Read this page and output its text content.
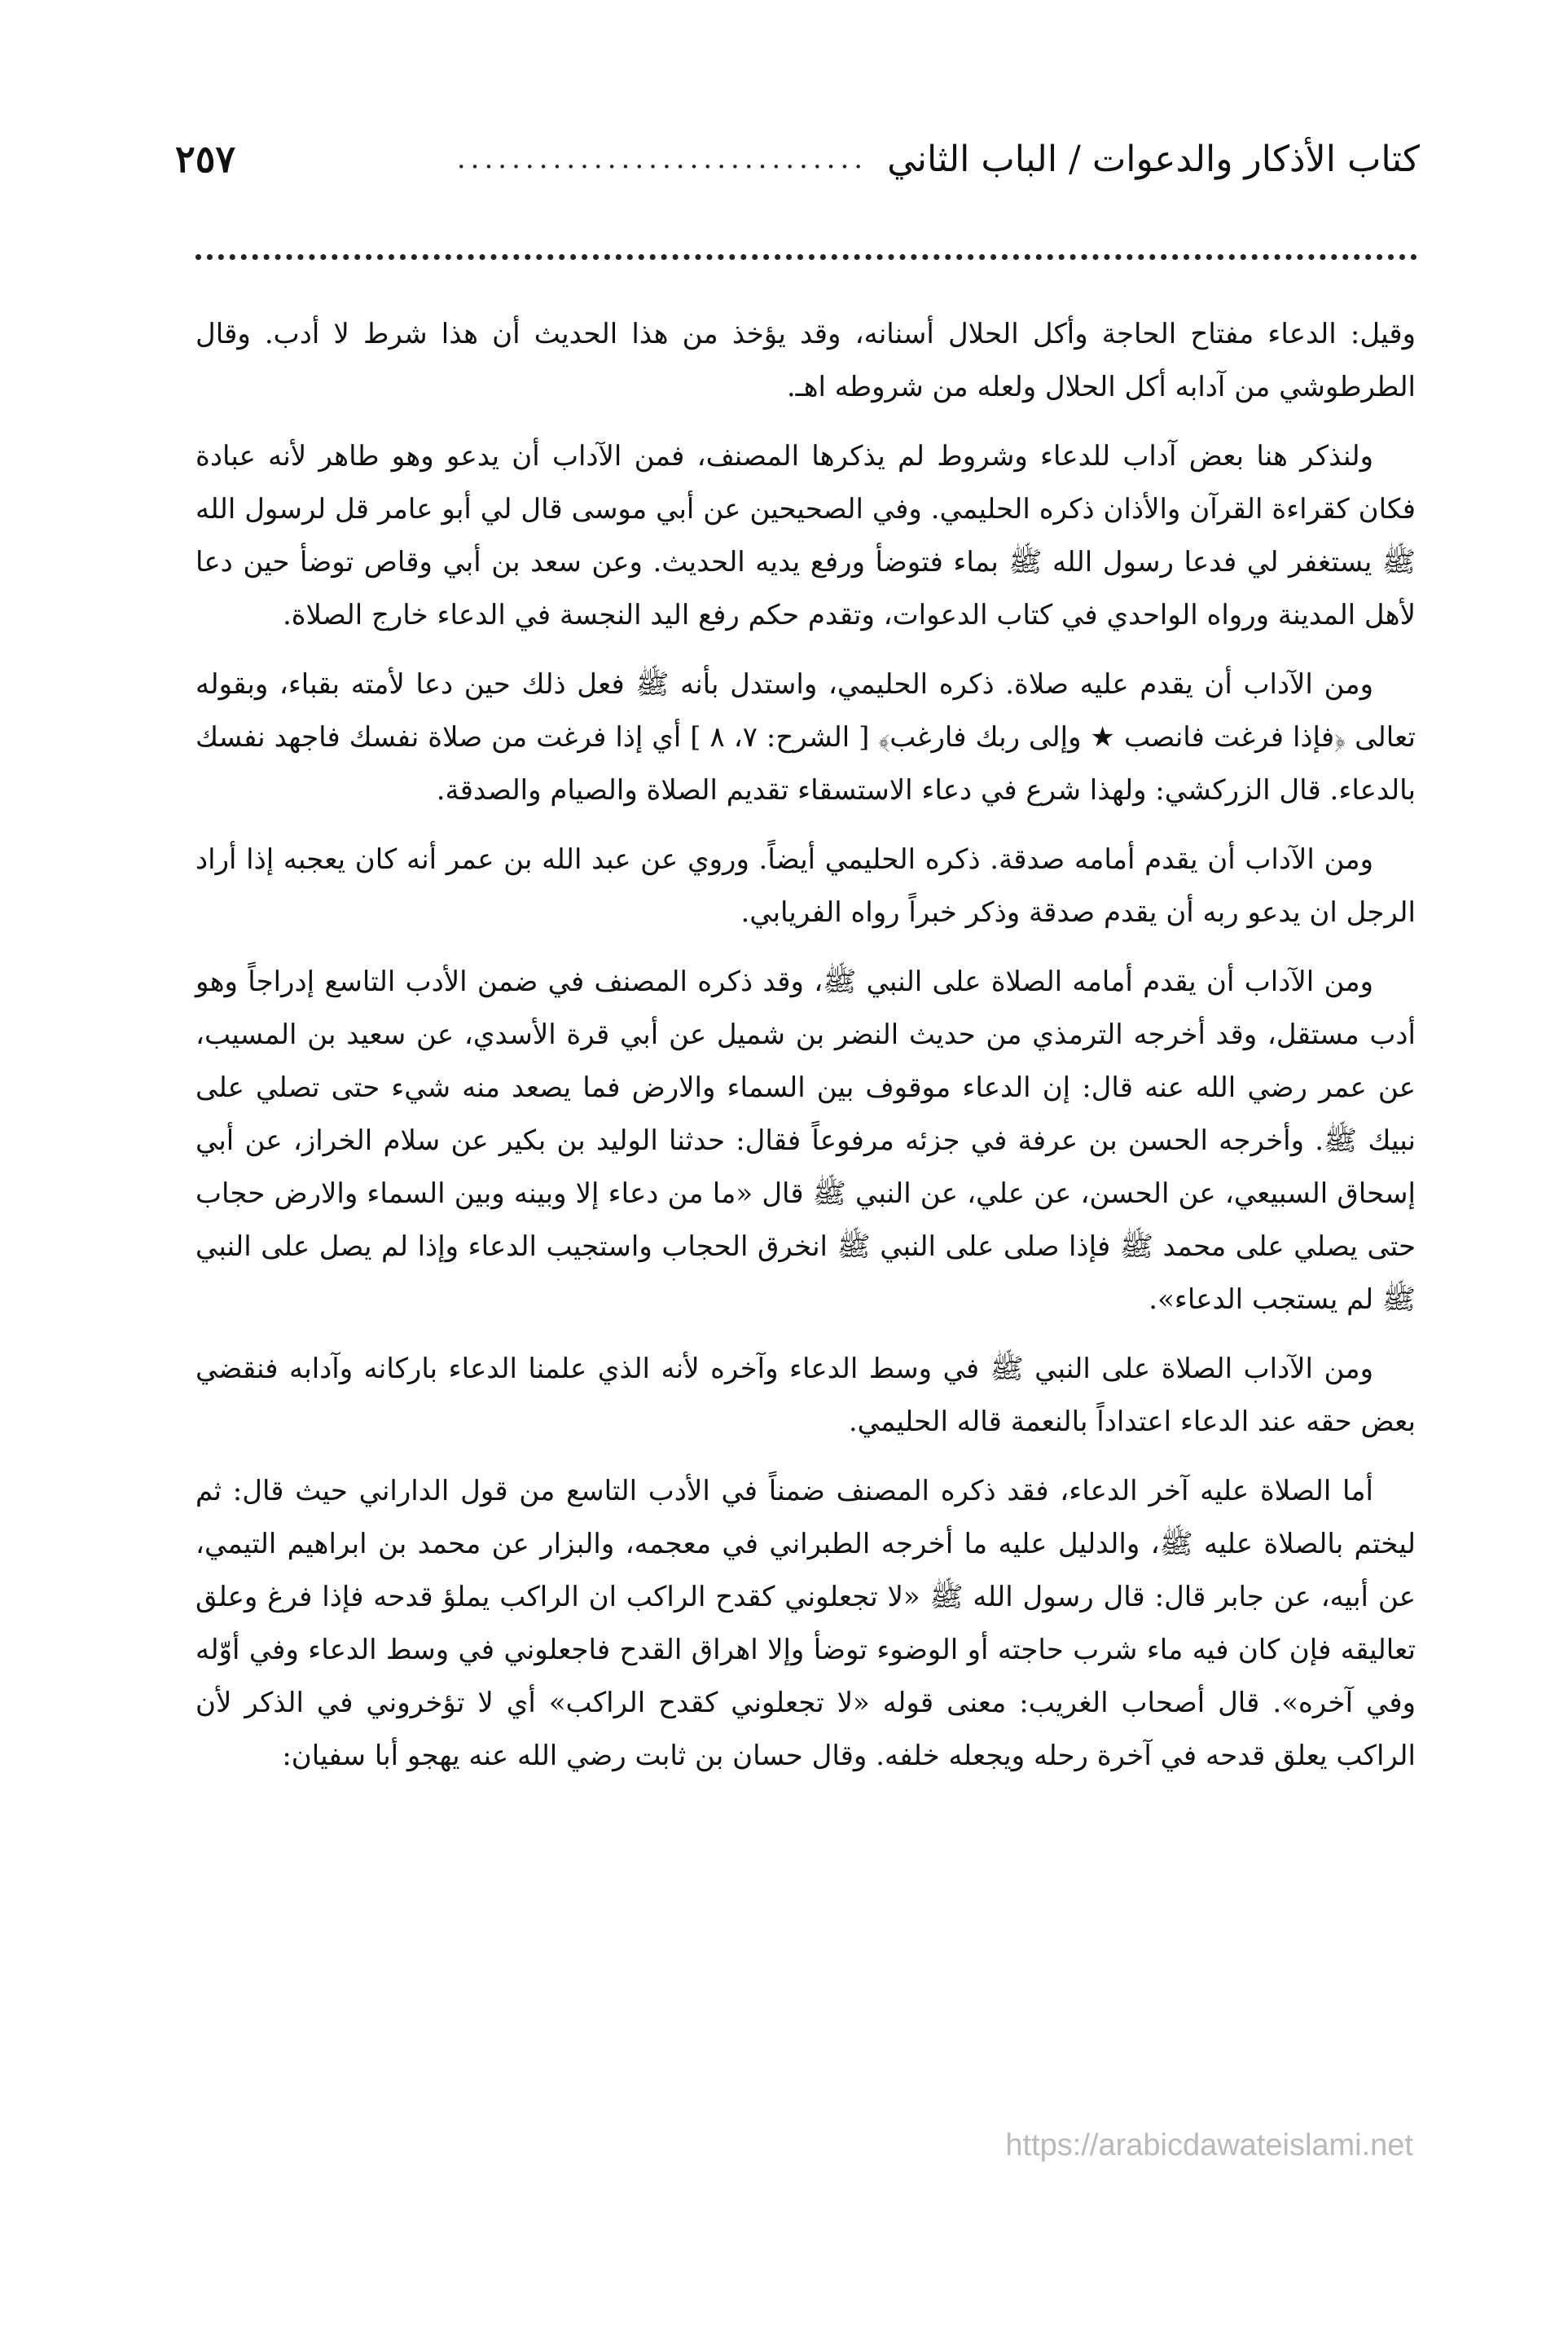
كتاب الأذكار والدعوات / الباب الثاني
..............................
٢٥٧

وقيل: الدعاء مفتاح الحاجة وأكل الحلال أسنانه، وقد يؤخذ من هذا الحديث أن هذا شرط لا أدب. وقال الطرطوشي من آدابه أكل الحلال ولعله من شروطه اهـ.

ولنذكر هنا بعض آداب للدعاء وشروط لم يذكرها المصنف، فمن الآداب أن يدعو وهو طاهر لأنه عبادة فكان كقراءة القرآن والأذان ذكره الحليمي. وفي الصحيحين عن أبي موسى قال لي أبو عامر قل لرسول الله ﷺ يستغفر لي فدعا رسول الله ﷺ بماء فتوضأ ورفع يديه الحديث. وعن سعد بن أبي وقاص توضأ حين دعا لأهل المدينة ورواه الواحدي في كتاب الدعوات، وتقدم حكم رفع اليد النجسة في الدعاء خارج الصلاة.

ومن الآداب أن يقدم عليه صلاة. ذكره الحليمي، واستدل بأنه ﷺ فعل ذلك حين دعا لأمته بقباء، وبقوله تعالى ﴿فإذا فرغت فانصب ★ وإلى ربك فارغب﴾ [ الشرح: ٧، ٨ ] أي إذا فرغت من صلاة نفسك فاجهد نفسك بالدعاء. قال الزركشي: ولهذا شرع في دعاء الاستسقاء تقديم الصلاة والصيام والصدقة.

ومن الآداب أن يقدم أمامه صدقة. ذكره الحليمي أيضاً. وروي عن عبد الله بن عمر أنه كان يعجبه إذا أراد الرجل ان يدعو ربه أن يقدم صدقة وذكر خبراً رواه الفريابي.

ومن الآداب أن يقدم أمامه الصلاة على النبي ﷺ، وقد ذكره المصنف في ضمن الأدب التاسع إدراجاً وهو أدب مستقل، وقد أخرجه الترمذي من حديث النضر بن شميل عن أبي قرة الأسدي، عن سعيد بن المسيب، عن عمر رضي الله عنه قال: إن الدعاء موقوف بين السماء والارض فما يصعد منه شيء حتى تصلي على نبيك ﷺ. وأخرجه الحسن بن عرفة في جزئه مرفوعاً فقال: حدثنا الوليد بن بكير عن سلام الخراز، عن أبي إسحاق السبيعي، عن الحسن، عن علي، عن النبي ﷺ قال «ما من دعاء إلا وبينه وبين السماء والارض حجاب حتى يصلي على محمد ﷺ فإذا صلى على النبي ﷺ انخرق الحجاب واستجيب الدعاء وإذا لم يصل على النبي ﷺ لم يستجب الدعاء».

ومن الآداب الصلاة على النبي ﷺ في وسط الدعاء وآخره لأنه الذي علمنا الدعاء باركانه وآدابه فنقضي بعض حقه عند الدعاء اعتداداً بالنعمة قاله الحليمي.

أما الصلاة عليه آخر الدعاء، فقد ذكره المصنف ضمناً في الأدب التاسع من قول الداراني حيث قال: ثم ليختم بالصلاة عليه ﷺ، والدليل عليه ما أخرجه الطبراني في معجمه، والبزار عن محمد بن ابراهيم التيمي، عن أبيه، عن جابر قال: قال رسول الله ﷺ «لا تجعلوني كقدح الراكب ان الراكب يملؤ قدحه فإذا فرغ وعلق تعاليقه فإن كان فيه ماء شرب حاجته أو الوضوء توضأ وإلا اهراق القدح فاجعلوني في وسط الدعاء وفي أوّله وفي آخره». قال أصحاب الغريب: معنى قوله «لا تجعلوني كقدح الراكب» أي لا تؤخروني في الذكر لأن الراكب يعلق قدحه في آخرة رحله ويجعله خلفه. وقال حسان بن ثابت رضي الله عنه يهجو أبا سفيان:

https://arabicdawateislami.net
